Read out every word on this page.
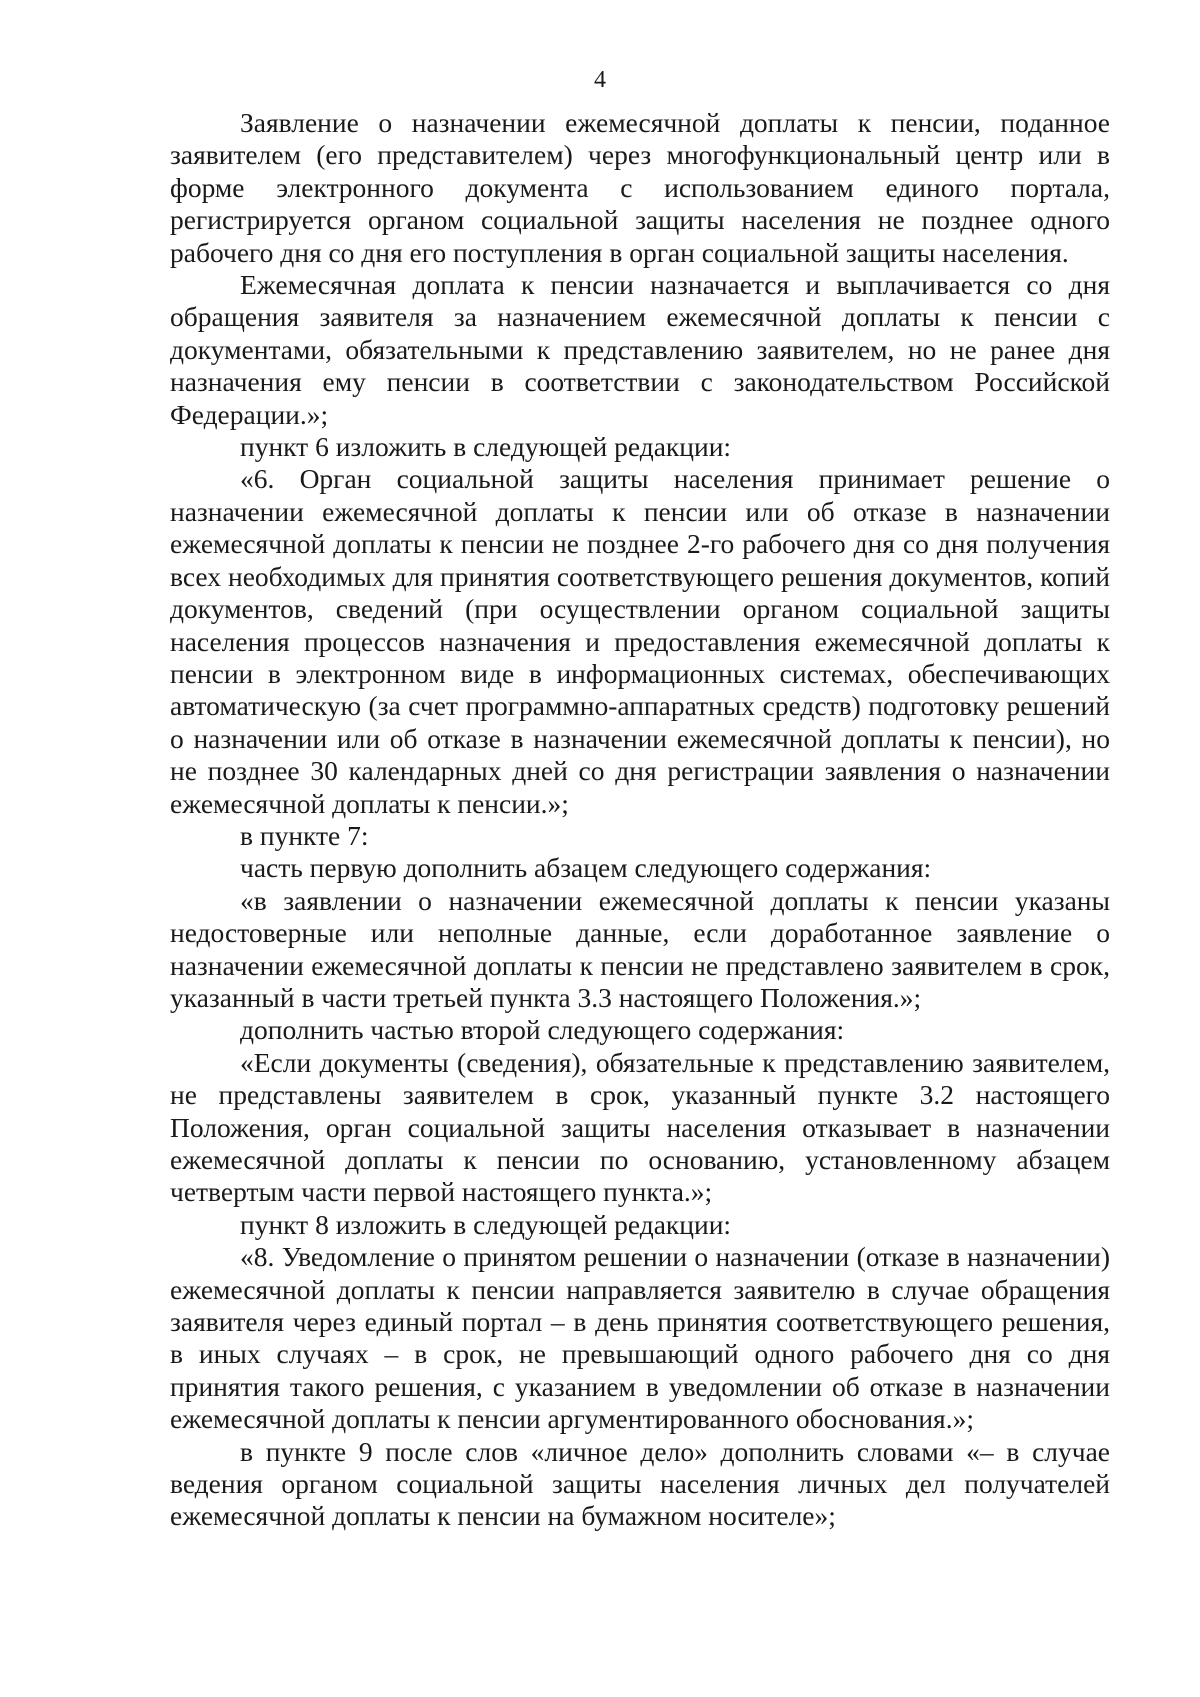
4

Заявление о назначении ежемесячной доплаты к пенсии, поданное заявителем (его представителем) через многофункциональный центр или в форме электронного документа с использованием единого портала, регистрируется органом социальной защиты населения не позднее одного рабочего дня со дня его поступления в орган социальной защиты населения.

Ежемесячная доплата к пенсии назначается и выплачивается со дня обращения заявителя за назначением ежемесячной доплаты к пенсии с документами, обязательными к представлению заявителем, но не ранее дня назначения ему пенсии в соответствии с законодательством Российской Федерации.»;

пункт 6 изложить в следующей редакции:

«6. Орган социальной защиты населения принимает решение о назначении ежемесячной доплаты к пенсии или об отказе в назначении ежемесячной доплаты к пенсии не позднее 2-го рабочего дня со дня получения всех необходимых для принятия соответствующего решения документов, копий документов, сведений (при осуществлении органом социальной защиты населения процессов назначения и предоставления ежемесячной доплаты к пенсии в электронном виде в информационных системах, обеспечивающих автоматическую (за счет программно-аппаратных средств) подготовку решений о назначении или об отказе в назначении ежемесячной доплаты к пенсии), но не позднее 30 календарных дней со дня регистрации заявления о назначении ежемесячной доплаты к пенсии.»;

в пункте 7:

часть первую дополнить абзацем следующего содержания:

«в заявлении о назначении ежемесячной доплаты к пенсии указаны недостоверные или неполные данные, если доработанное заявление о назначении ежемесячной доплаты к пенсии не представлено заявителем в срок, указанный в части третьей пункта 3.3 настоящего Положения.»;

дополнить частью второй следующего содержания:

«Если документы (сведения), обязательные к представлению заявителем, не представлены заявителем в срок, указанный пункте 3.2 настоящего Положения, орган социальной защиты населения отказывает в назначении ежемесячной доплаты к пенсии по основанию, установленному абзацем четвертым части первой настоящего пункта.»;

пункт 8 изложить в следующей редакции:

«8. Уведомление о принятом решении о назначении (отказе в назначении) ежемесячной доплаты к пенсии направляется заявителю в случае обращения заявителя через единый портал – в день принятия соответствующего решения, в иных случаях – в срок, не превышающий одного рабочего дня со дня принятия такого решения, с указанием в уведомлении об отказе в назначении ежемесячной доплаты к пенсии аргументированного обоснования.»;

в пункте 9 после слов «личное дело» дополнить словами «– в случае ведения органом социальной защиты населения личных дел получателей ежемесячной доплаты к пенсии на бумажном носителе»;
